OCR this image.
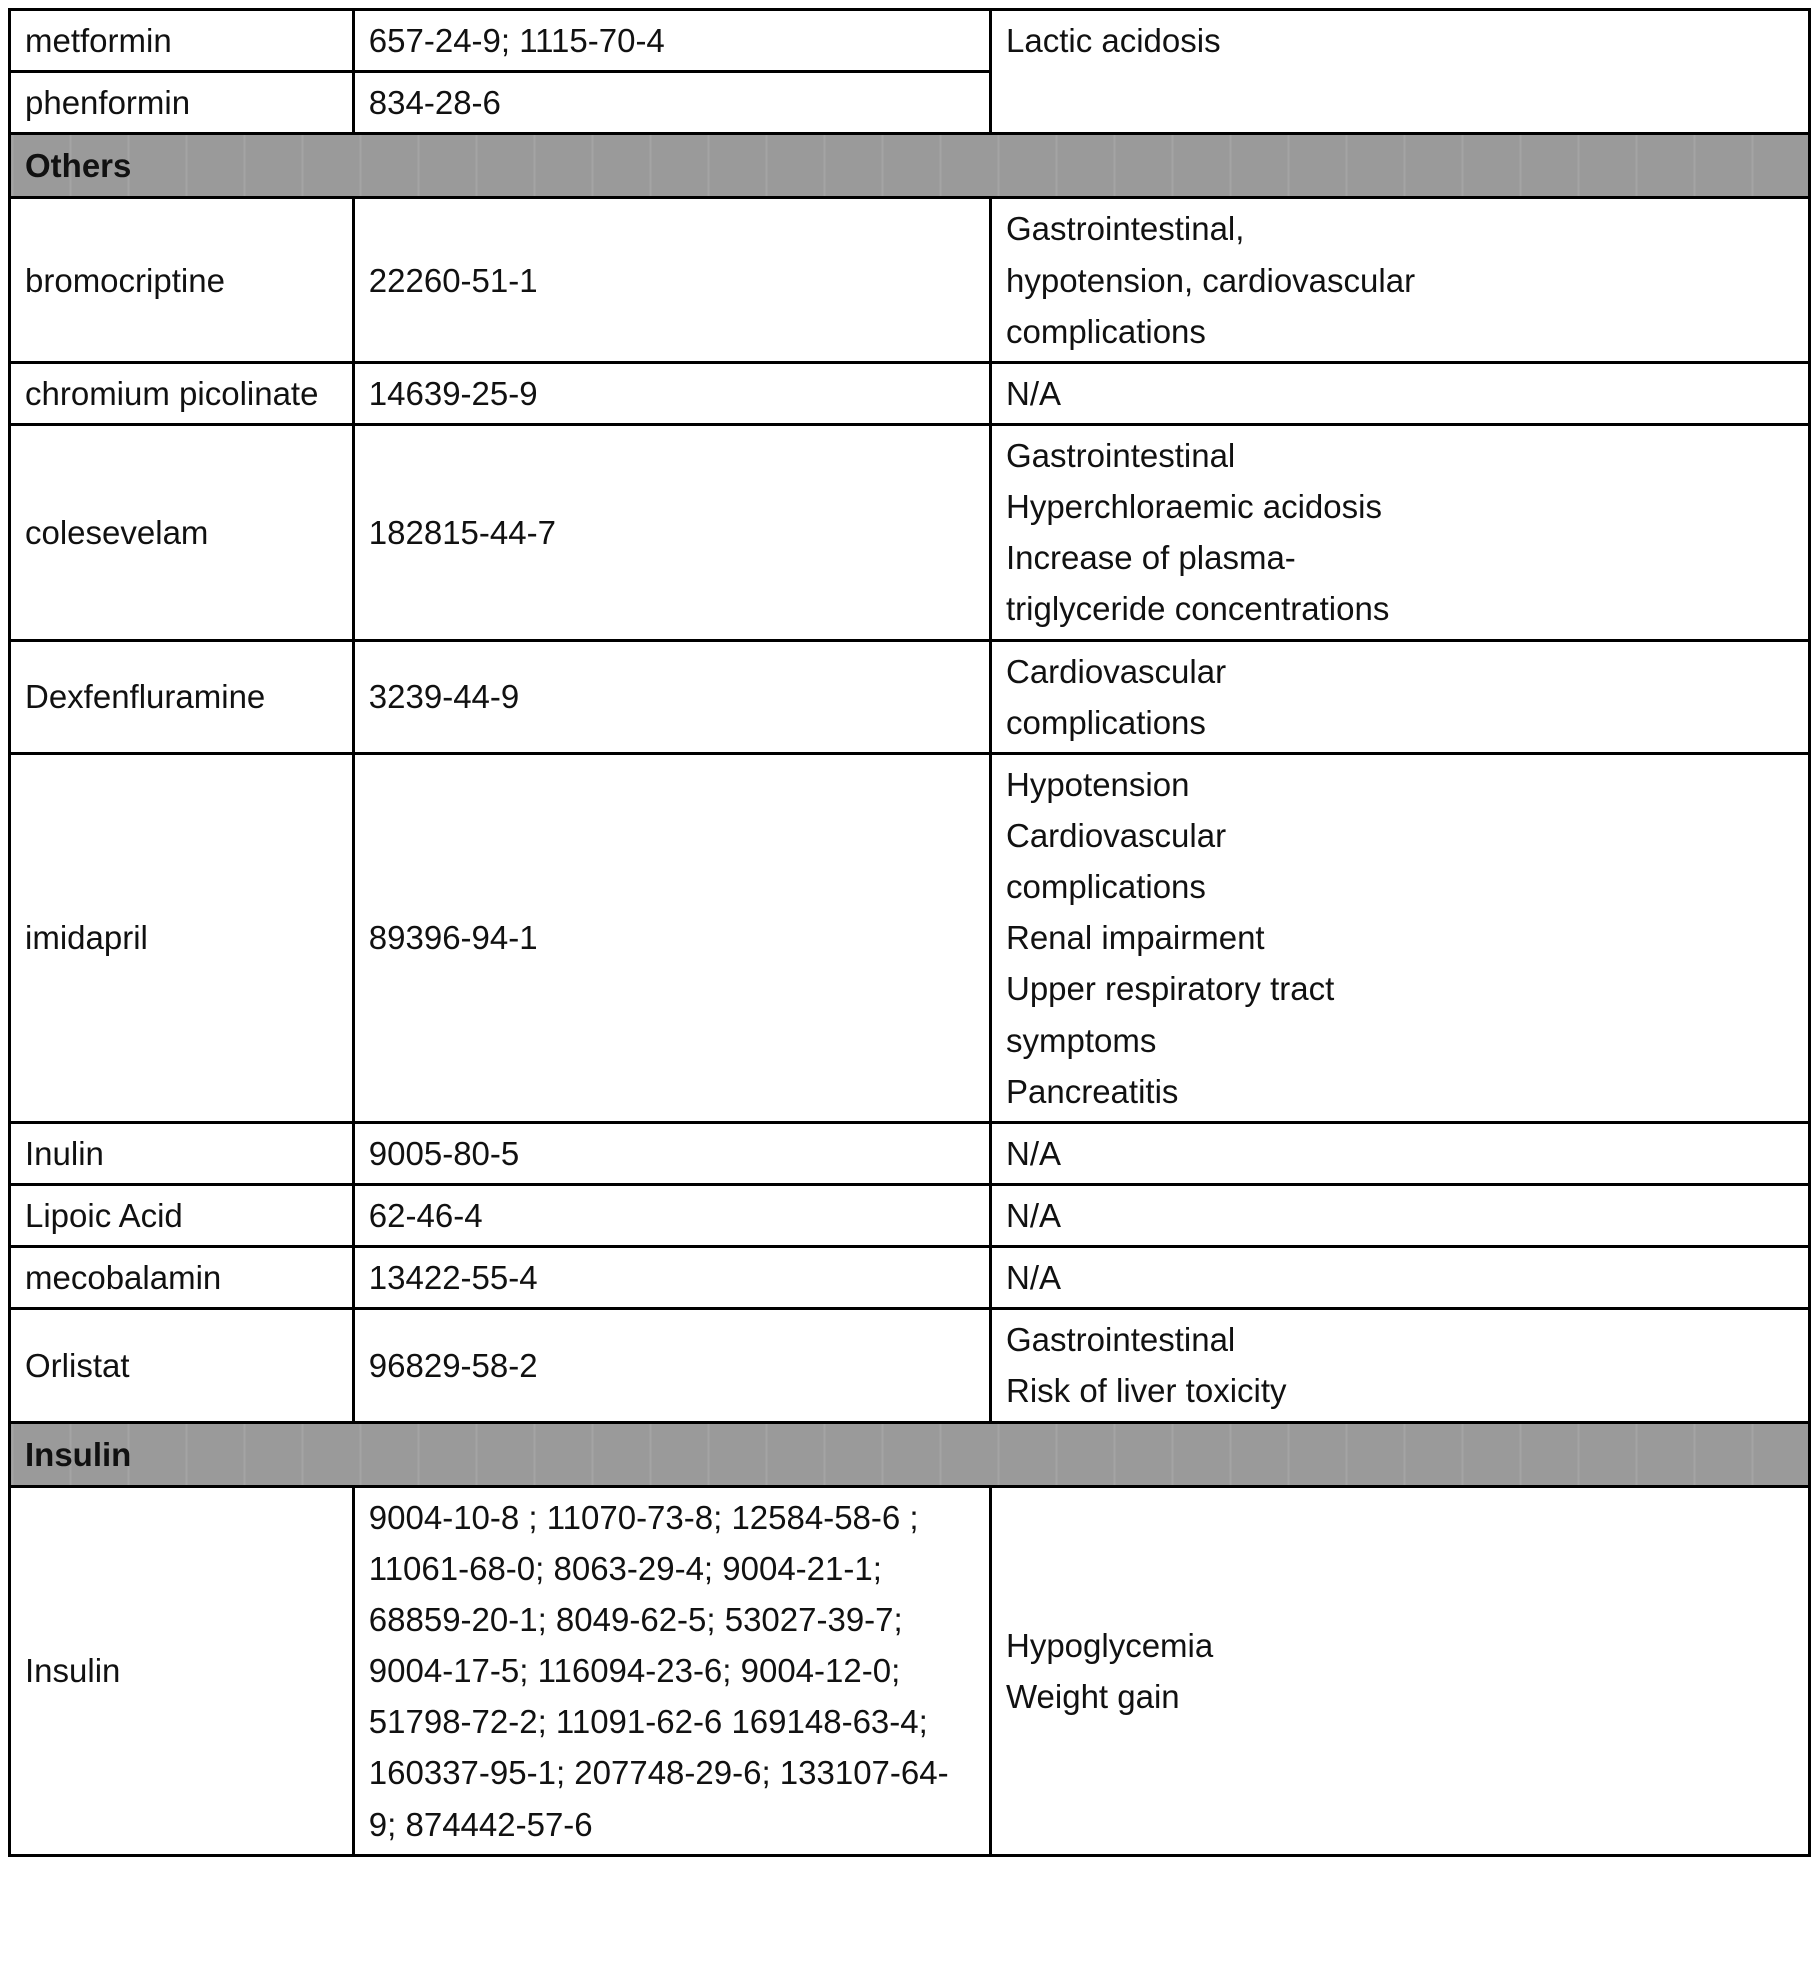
metformin	657-24-9; 1115-70-4	Lactic acidosis
phenformin	834-28-6	
Others		
bromocriptine	22260-51-1	Gastrointestinal,
hypotension, cardiovascular
complications
chromium picolinate	14639-25-9	N/A
colesevelam	182815-44-7	Gastrointestinal
Hyperchloraemic acidosis
Increase of plasma-
triglyceride concentrations
Dexfenfluramine	3239-44-9	Cardiovascular
complications
imidapril	89396-94-1	Hypotension
Cardiovascular
complications
Renal impairment
Upper respiratory tract
symptoms
Pancreatitis
Inulin	9005-80-5	N/A
Lipoic Acid	62-46-4	N/A
mecobalamin	13422-55-4	N/A
Orlistat	96829-58-2	Gastrointestinal
Risk of liver toxicity
Insulin		
Insulin	9004-10-8 ; 11070-73-8; 12584-58-6 ; 11061-68-0; 8063-29-4; 9004-21-1; 68859-20-1; 8049-62-5; 53027-39-7; 9004-17-5; 116094-23-6; 9004-12-0; 51798-72-2; 11091-62-6 169148-63-4; 160337-95-1; 207748-29-6; 133107-64-9; 874442-57-6	Hypoglycemia
Weight gain
